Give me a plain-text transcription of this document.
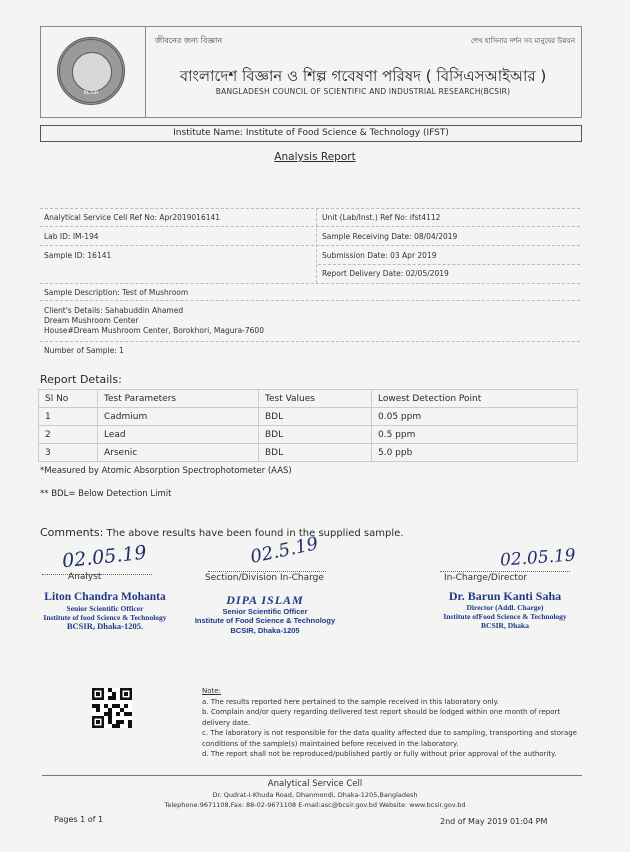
BCSIR
জীবনের জন্য বিজ্ঞান	শেখ হাসিনার দর্শন সব মানুষের উন্নয়ন
বাংলাদেশ বিজ্ঞান ও শিল্প গবেষণা পরিষদ ( বিসিএসআইআর )
BANGLADESH COUNCIL OF SCIENTIFIC AND INDUSTRIAL RESEARCH(BCSIR)
Institute Name: Institute of Food Science & Technology (IFST)
Analysis Report
Analytical Service Cell Ref No: Apr2019016141	Unit (Lab/Inst.) Ref No: ifst4112
Lab ID: IM-194	Sample Receiving Date: 08/04/2019
Sample ID: 16141	Submission Date: 03 Apr 2019
Report Delivery Date: 02/05/2019
Sample Description: Test of Mushroom
Client's Details: Sahabuddin Ahamed
Dream Mushroom Center
House#Dream Mushroom Center, Borokhori, Magura-7600
Number of Sample: 1
Report Details:
Sl No	Test Parameters	Test Values	Lowest Detection Point
1	Cadmium	BDL	0.05 ppm
2	Lead	BDL	0.5 ppm
3	Arsenic	BDL	5.0 ppb
*Measured by Atomic Absorption Spectrophotometer (AAS)
** BDL= Below Detection Limit
Comments: The above results have been found in the supplied sample.
02.05.19
Analyst
Liton Chandra Mohanta
Senior Scientific Officer
Institute of food Science & Technology
BCSIR, Dhaka-1205.
02.5.19
Section/Division In-Charge
DIPA ISLAM
Senior Scientific Officer
Institute of Food Science & Technology
BCSIR, Dhaka-1205
02.05.19
In-Charge/Director
Dr. Barun Kanti Saha
Director (Addl. Charge)
Institute ofFood Science & Technology
BCSIR, Dhaka
Note:
a. The results reported here pertained to the sample received in this laboratory only.
b. Complain and/or query regarding delivered test report should be lodged within one month of report delivery date.
c. The laboratory is not responsible for the data quality affected due to sampling, transporting and storage conditions of the sample(s) maintained before received in the laboratory.
d. The report shall not be reproduced/published partly or fully without prior approval of the authority.
Analytical Service Cell
Dr. Qudrat-I-Khuda Road, Dhanmondi, Dhaka-1205,Bangladesh
Telephone:9671108,Fax: 88-02-9671108 E-mail:asc@bcsir.gov.bd Website: www.bcsir.gov.bd
Pages 1 of 1	2nd of May 2019 01:04 PM
